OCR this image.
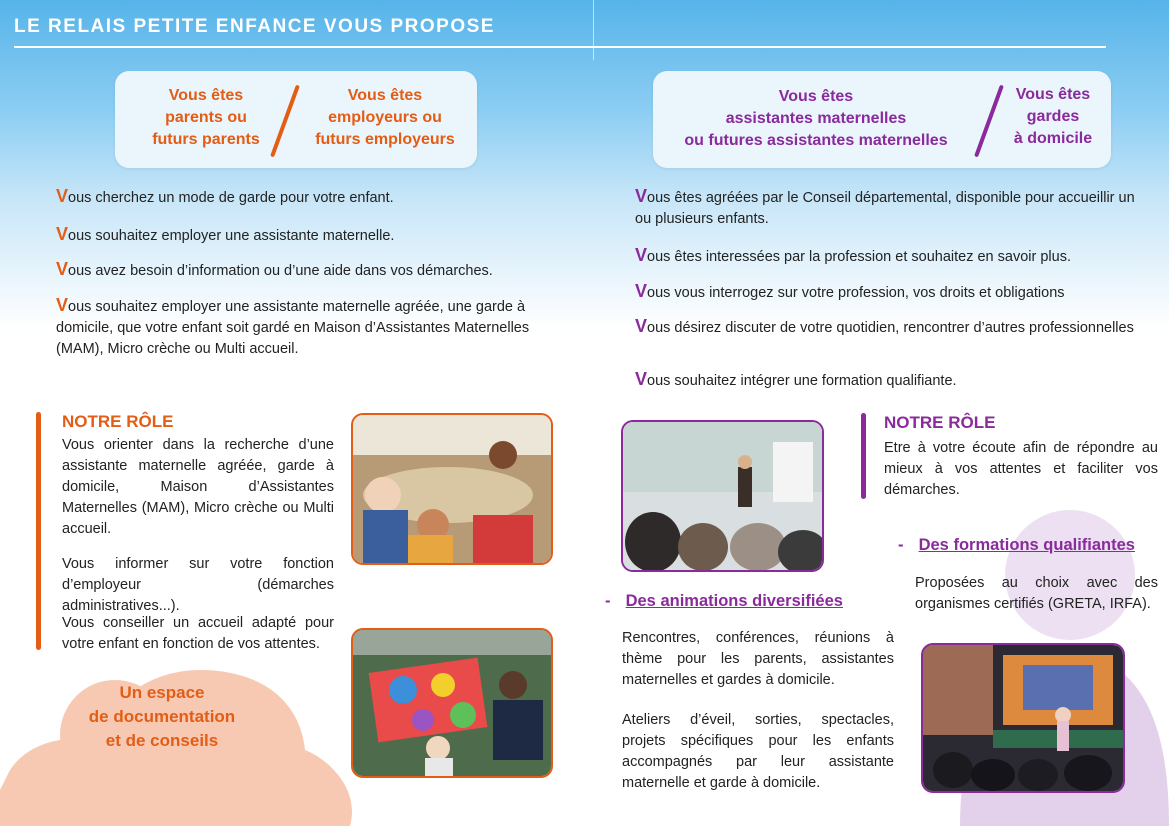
LE RELAIS PETITE ENFANCE VOUS PROPOSE
Vous êtes
parents ou
futurs parents
Vous êtes
employeurs ou
futurs employeurs
Vous êtes
assistantes maternelles
ou futures assistantes maternelles
Vous êtes
gardes
à domicile

Vous cherchez un mode de garde pour votre enfant.

Vous souhaitez employer une assistante maternelle.

Vous avez besoin d’information ou d’une aide dans vos démarches.

Vous souhaitez employer une assistante maternelle agréée, une garde à domicile, que votre enfant soit gardé en Maison d’Assistantes Maternelles (MAM), Micro crèche ou Multi accueil.

NOTRE RÔLE

Vous orienter dans la recherche d’une assistante maternelle agréée, garde à domicile, Maison d’Assistantes Maternelles (MAM), Micro crèche ou Multi accueil.

Vous informer sur votre fonction d’employeur (démarches administratives...).

Vous conseiller un accueil adapté pour votre enfant en fonction de vos attentes.

Un espace
de documentation
et de conseils

Vous êtes agréées par le Conseil départemental, disponible pour accueillir un ou plusieurs enfants.

Vous êtes interessées par la profession et souhaitez en savoir plus.

Vous vous interrogez sur votre profession, vos droits et obligations

Vous désirez discuter de votre quotidien, rencontrer d’autres professionnelles

Vous souhaitez intégrer une formation qualifiante.

NOTRE RÔLE

Etre à votre écoute afin de répondre au mieux à vos attentes et faciliter vos démarches.

- Des formations qualifiantes

Proposées au choix avec des organismes certifiés (GRETA, IRFA).

- Des animations diversifiées

Rencontres, conférences, réunions à thème pour les parents, assistantes maternelles et gardes à domicile.

Ateliers d’éveil, sorties, spectacles, projets spécifiques pour les enfants accompagnés par leur assistante maternelle et garde à domicile.
